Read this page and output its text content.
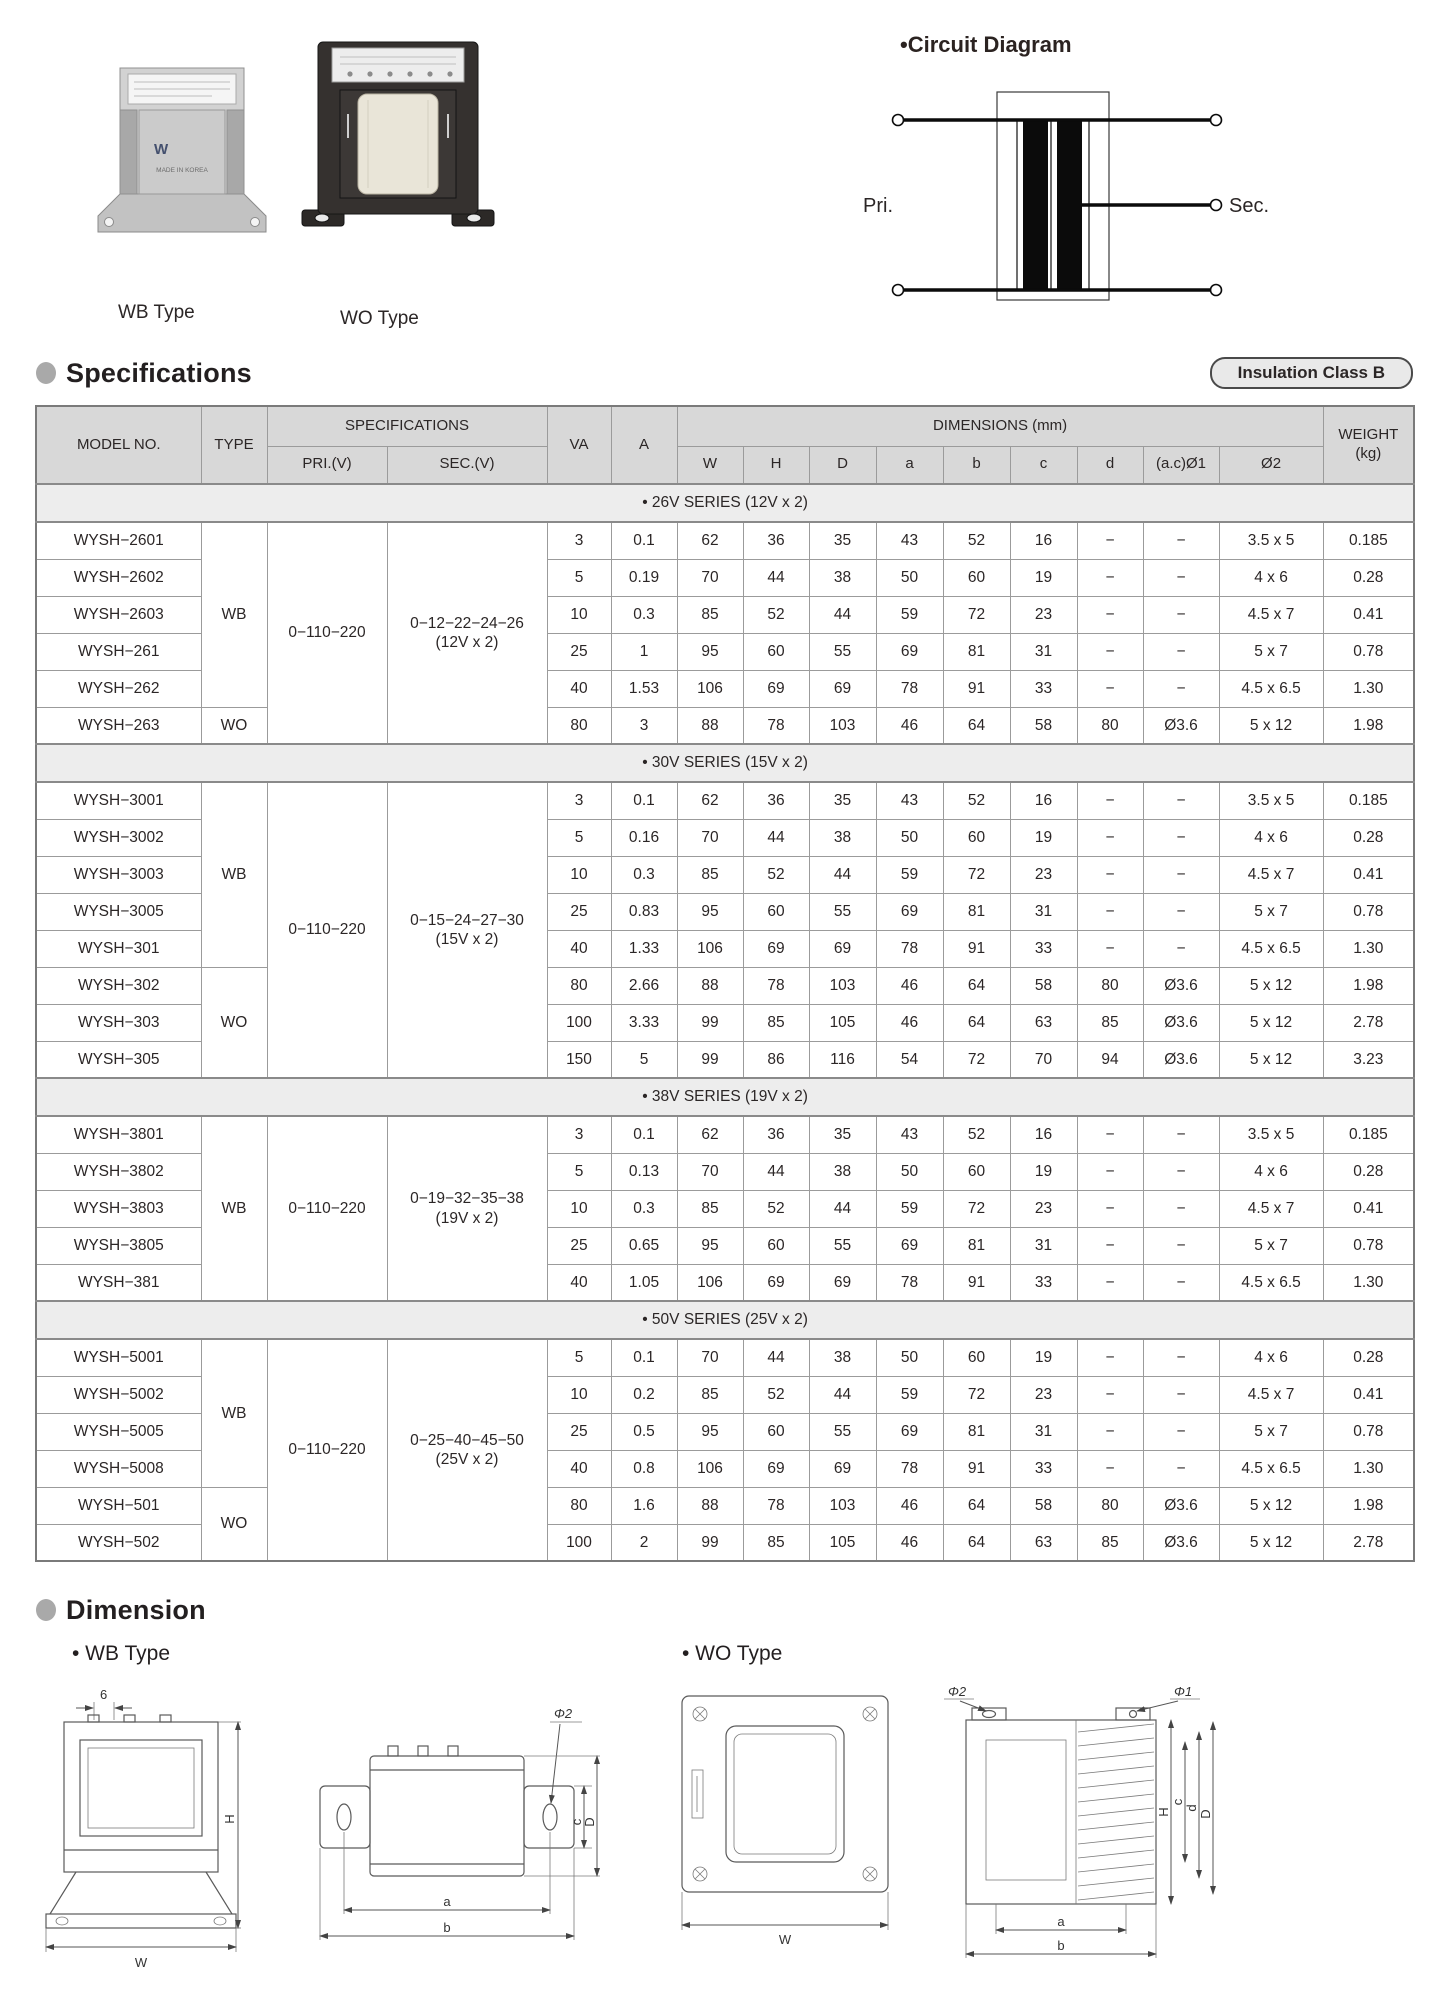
W
MADE IN KOREA
WB Type	WO Type
•Circuit Diagram
Pri.	Sec.
Specifications	Insulation Class B
MODEL NO.	TYPE	SPECIFICATIONS		VA	A	DIMENSIONS (mm)									WEIGHT
(kg)

		PRI.(V)	SEC.(V)			W	H	D	a	b	c	d	(a.c)Ø1	Ø2	
• 26V SERIES (12V x 2)															
WYSH−2601	WB	0−110−220	0−12−22−24−26
(12V x 2)	3	0.1	62	36	35	43	52	16	−	−	3.5 x 5	0.185
WYSH−2602				5	0.19	70	44	38	50	60	19	−	−	4 x 6	0.28
WYSH−2603				10	0.3	85	52	44	59	72	23	−	−	4.5 x 7	0.41
WYSH−261				25	1	95	60	55	69	81	31	−	−	5 x 7	0.78
WYSH−262				40	1.53	106	69	69	78	91	33	−	−	4.5 x 6.5	1.30
WYSH−263	WO			80	3	88	78	103	46	64	58	80	Ø3.6	5 x 12	1.98
• 30V SERIES (15V x 2)															
WYSH−3001	WB	0−110−220	0−15−24−27−30
(15V x 2)	3	0.1	62	36	35	43	52	16	−	−	3.5 x 5	0.185
WYSH−3002				5	0.16	70	44	38	50	60	19	−	−	4 x 6	0.28
WYSH−3003				10	0.3	85	52	44	59	72	23	−	−	4.5 x 7	0.41
WYSH−3005				25	0.83	95	60	55	69	81	31	−	−	5 x 7	0.78
WYSH−301				40	1.33	106	69	69	78	91	33	−	−	4.5 x 6.5	1.30
WYSH−302	WO			80	2.66	88	78	103	46	64	58	80	Ø3.6	5 x 12	1.98
WYSH−303				100	3.33	99	85	105	46	64	63	85	Ø3.6	5 x 12	2.78
WYSH−305				150	5	99	86	116	54	72	70	94	Ø3.6	5 x 12	3.23
• 38V SERIES (19V x 2)															
WYSH−3801	WB	0−110−220	0−19−32−35−38
(19V x 2)	3	0.1	62	36	35	43	52	16	−	−	3.5 x 5	0.185
WYSH−3802				5	0.13	70	44	38	50	60	19	−	−	4 x 6	0.28
WYSH−3803				10	0.3	85	52	44	59	72	23	−	−	4.5 x 7	0.41
WYSH−3805				25	0.65	95	60	55	69	81	31	−	−	5 x 7	0.78
WYSH−381				40	1.05	106	69	69	78	91	33	−	−	4.5 x 6.5	1.30
• 50V SERIES (25V x 2)															
WYSH−5001	WB	0−110−220	0−25−40−45−50
(25V x 2)	5	0.1	70	44	38	50	60	19	−	−	4 x 6	0.28
WYSH−5002				10	0.2	85	52	44	59	72	23	−	−	4.5 x 7	0.41
WYSH−5005				25	0.5	95	60	55	69	81	31	−	−	5 x 7	0.78
WYSH−5008				40	0.8	106	69	69	78	91	33	−	−	4.5 x 6.5	1.30
WYSH−501	WO			80	1.6	88	78	103	46	64	58	80	Ø3.6	5 x 12	1.98
WYSH−502				100	2	99	85	105	46	64	63	85	Ø3.6	5 x 12	2.78
Dimension
• WB Type	• WO Type
6
H
W
Φ2
c
D
a
b
W
Φ2	Φ1
H
c
d
D
a
b
